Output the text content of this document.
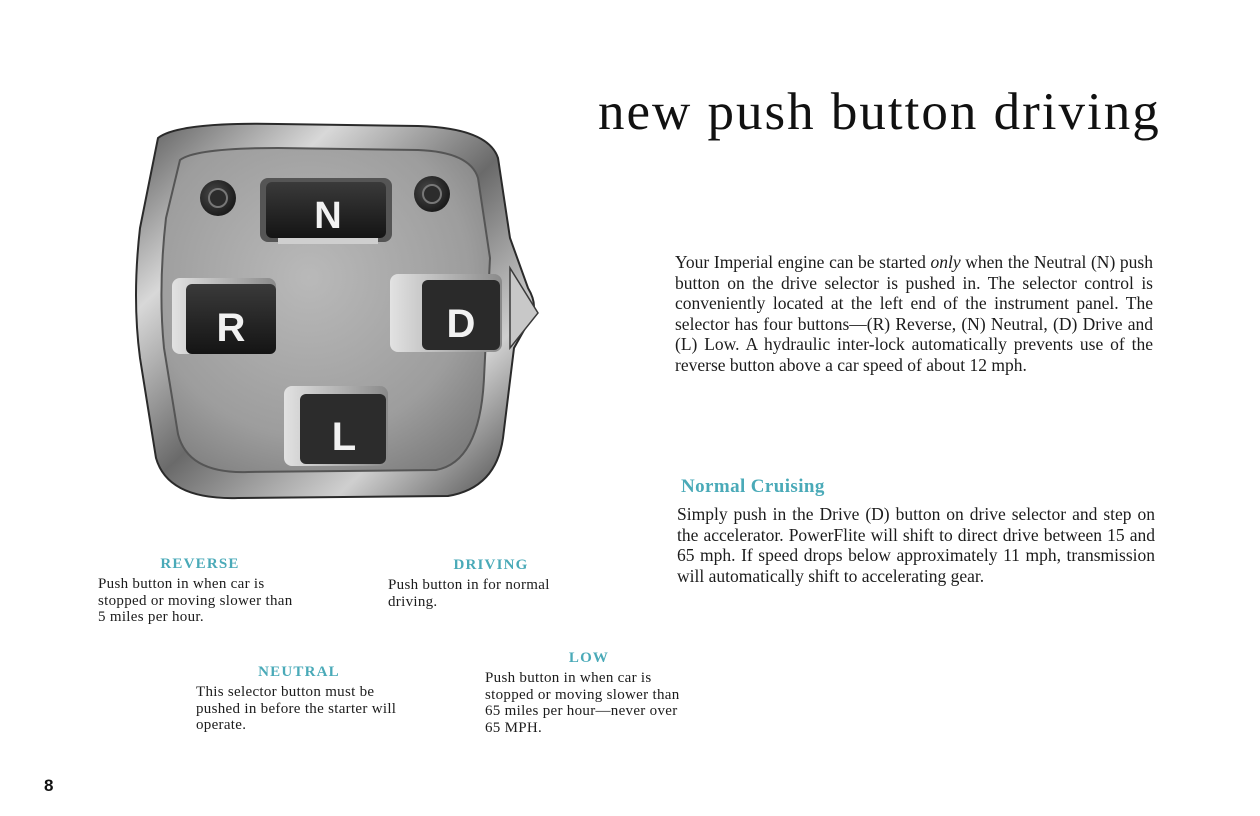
new push button driving
N
R	D
L

Your Imperial engine can be started only when the Neutral (N) push button on the drive selector is pushed in. The selector control is conveniently located at the left end of the instrument panel. The selector has four buttons—(R) Reverse, (N) Neutral, (D) Drive and (L) Low. A hydraulic inter-lock automatically prevents use of the reverse button above a car speed of about 12 mph.

Normal Cruising

Simply push in the Drive (D) button on drive selector and step on the accelerator. PowerFlite will shift to direct drive between 15 and 65 mph. If speed drops below approximately 11 mph, transmission will automatically shift to accelerating gear.

REVERSE
Push button in when car is stopped or moving slower than 5 miles per hour.
DRIVING
Push button in for normal driving.
NEUTRAL
This selector button must be pushed in before the starter will operate.
LOW
Push button in when car is stopped or moving slower than 65 miles per hour—never over 65 MPH.
8
